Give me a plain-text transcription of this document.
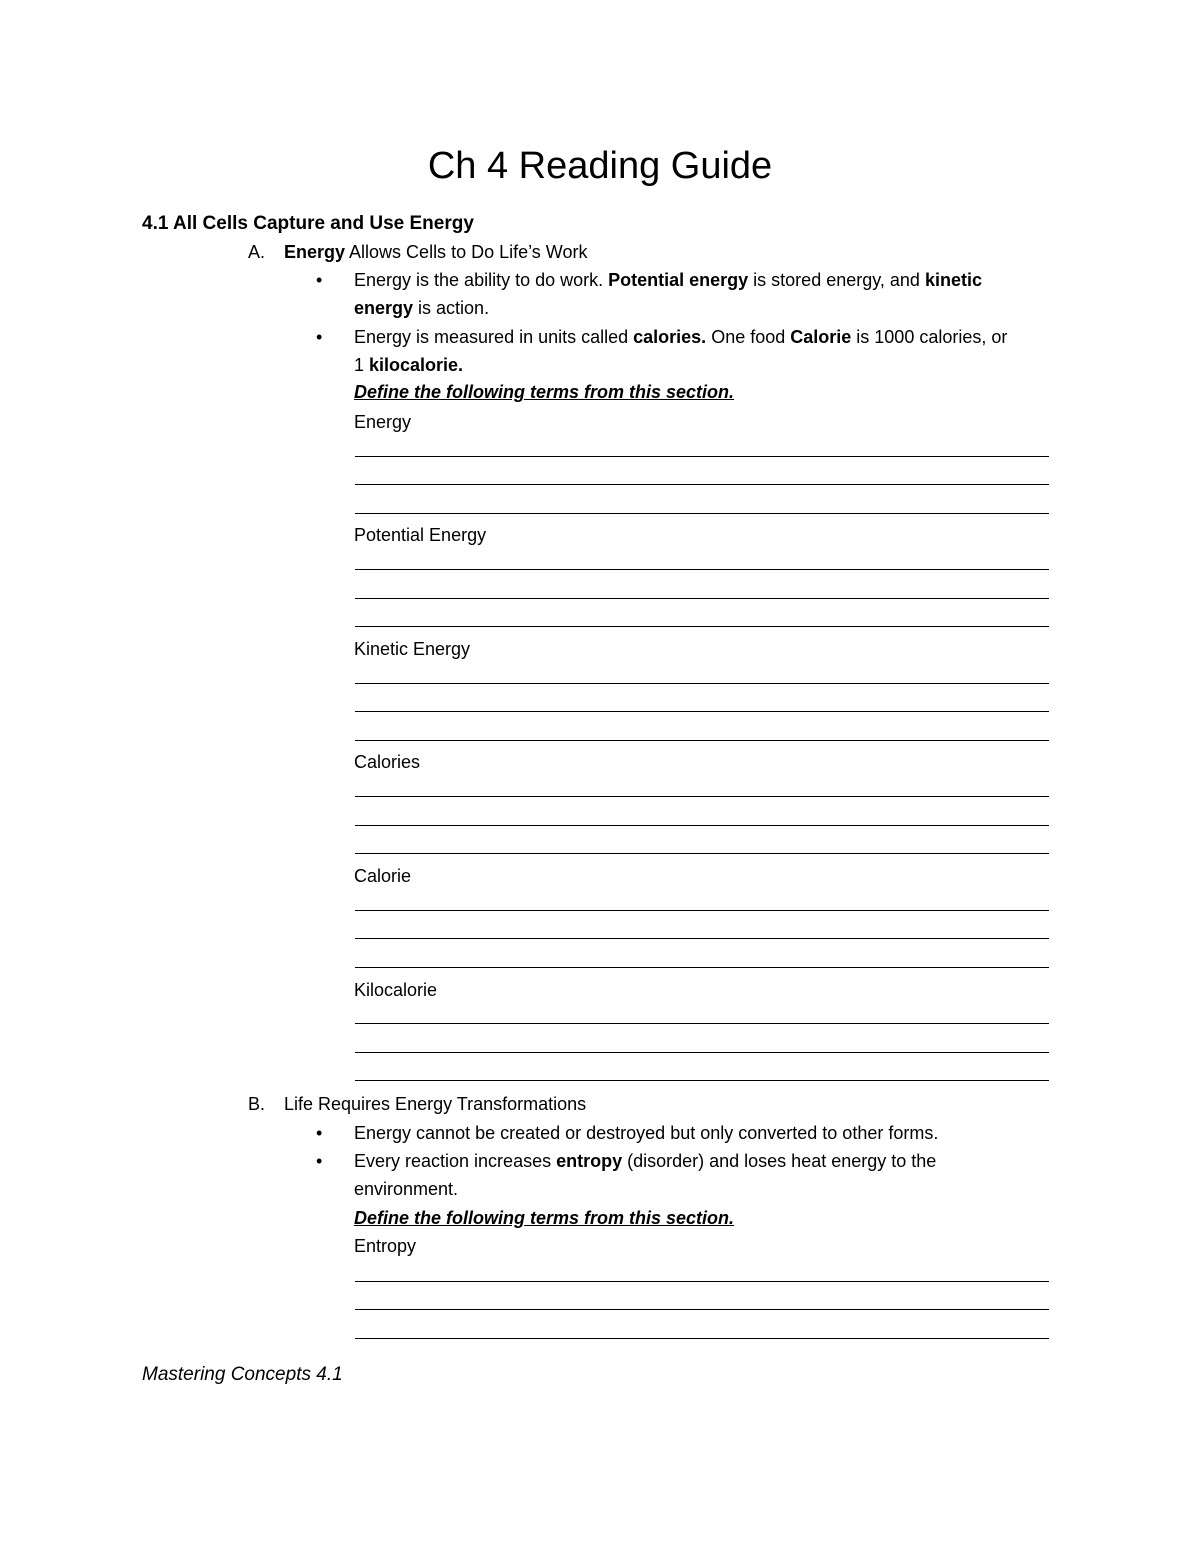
Ch 4 Reading Guide
4.1 All Cells Capture and Use Energy
A. Energy Allows Cells to Do Life’s Work
• Energy is the ability to do work. Potential energy is stored energy, and kinetic
energy is action.
• Energy is measured in units called calories. One food Calorie is 1000 calories, or
1 kilocalorie.
Define the following terms from this section.
Energy
Potential Energy
Kinetic Energy
Calories
Calorie
Kilocalorie
B. Life Requires Energy Transformations
• Energy cannot be created or destroyed but only converted to other forms.
• Every reaction increases entropy (disorder) and loses heat energy to the
environment.
Define the following terms from this section.
Entropy
Mastering Concepts 4.1
